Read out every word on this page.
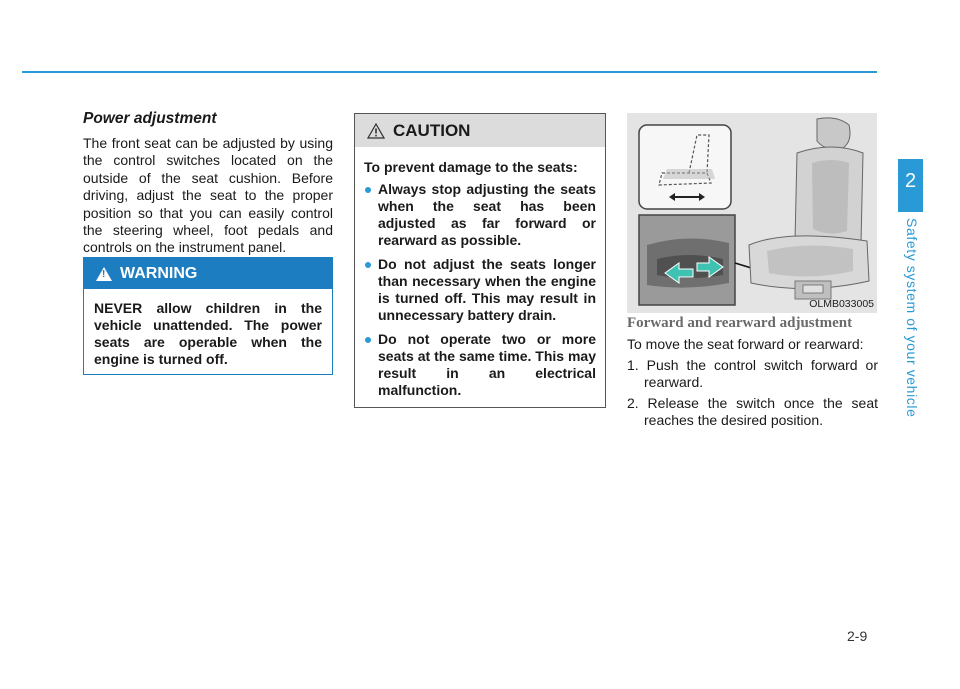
Power adjustment

The front seat can be adjusted by using the control switches located on the outside of the seat cushion. Before driving, adjust the seat to the proper position so that you can easily control the steering wheel, foot pedals and controls on the instrument panel.

!
WARNING

NEVER allow children in the vehicle unattended. The power seats are operable when the engine is turned off.

CAUTION

To prevent damage to the seats:

Always stop adjusting the seats when the seat has been adjusted as far forward or rearward as possible.
Do not adjust the seats longer than necessary when the engine is turned off. This may result in unnecessary battery drain.
Do not operate two or more seats at the same time. This may result in an electrical malfunction.
OLMB033005
Forward and rearward adjustment

To move the seat forward or rearward:

1. Push the control switch forward or rearward.
2. Release the switch once the seat reaches the desired position.
2
Safety system of your vehicle
2-9
